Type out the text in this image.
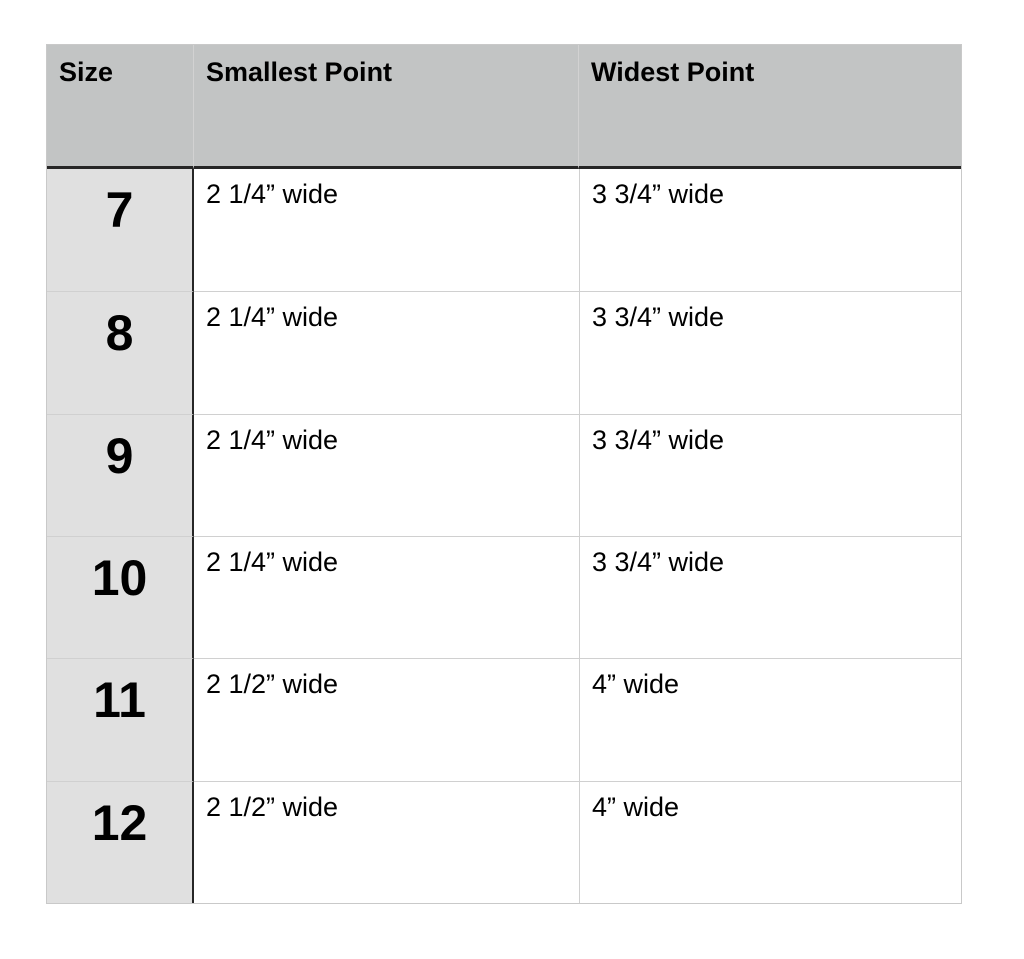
Size	Smallest Point	Widest Point
7	2 1/4” wide	3 3/4” wide
8	2 1/4” wide	3 3/4” wide
9	2 1/4” wide	3 3/4” wide
10	2 1/4” wide	3 3/4” wide
11	2 1/2” wide	4” wide
12	2 1/2” wide	4” wide
